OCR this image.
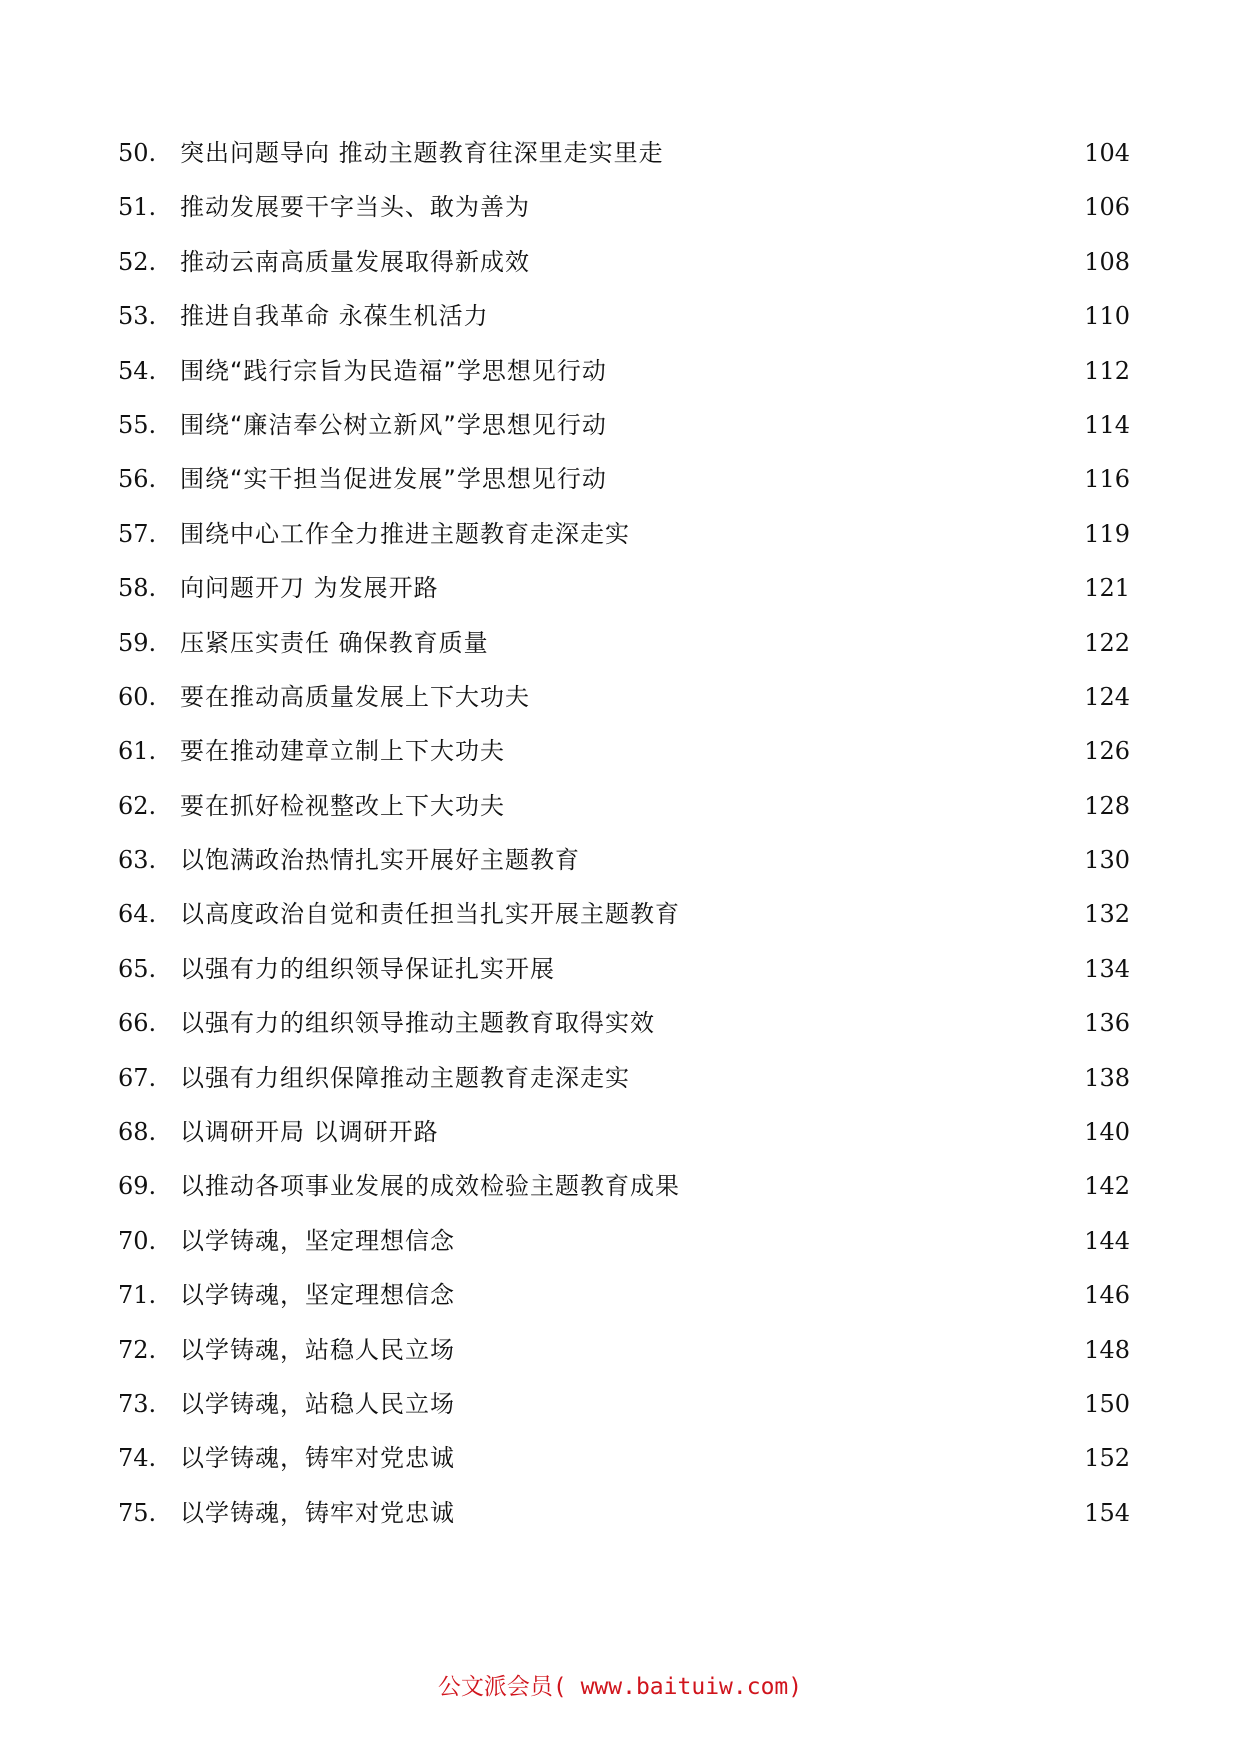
50. 突出问题导向 推动主题教育往深里走实里走	104
51. 推动发展要干字当头、敢为善为	106
52. 推动云南高质量发展取得新成效	108
53. 推进自我革命 永葆生机活力	110
54. 围绕“践行宗旨为民造福”学思想见行动	112
55. 围绕“廉洁奉公树立新风”学思想见行动	114
56. 围绕“实干担当促进发展”学思想见行动	116
57. 围绕中心工作全力推进主题教育走深走实	119
58. 向问题开刀 为发展开路	121
59. 压紧压实责任 确保教育质量	122
60. 要在推动高质量发展上下大功夫	124
61. 要在推动建章立制上下大功夫	126
62. 要在抓好检视整改上下大功夫	128
63. 以饱满政治热情扎实开展好主题教育	130
64. 以高度政治自觉和责任担当扎实开展主题教育	132
65. 以强有力的组织领导保证扎实开展	134
66. 以强有力的组织领导推动主题教育取得实效	136
67. 以强有力组织保障推动主题教育走深走实	138
68. 以调研开局 以调研开路	140
69. 以推动各项事业发展的成效检验主题教育成果	142
70. 以学铸魂，坚定理想信念	144
71. 以学铸魂，坚定理想信念	146
72. 以学铸魂，站稳人民立场	148
73. 以学铸魂，站稳人民立场	150
74. 以学铸魂，铸牢对党忠诚	152
75. 以学铸魂，铸牢对党忠诚	154
公文派会员( www.baituiw.com)
